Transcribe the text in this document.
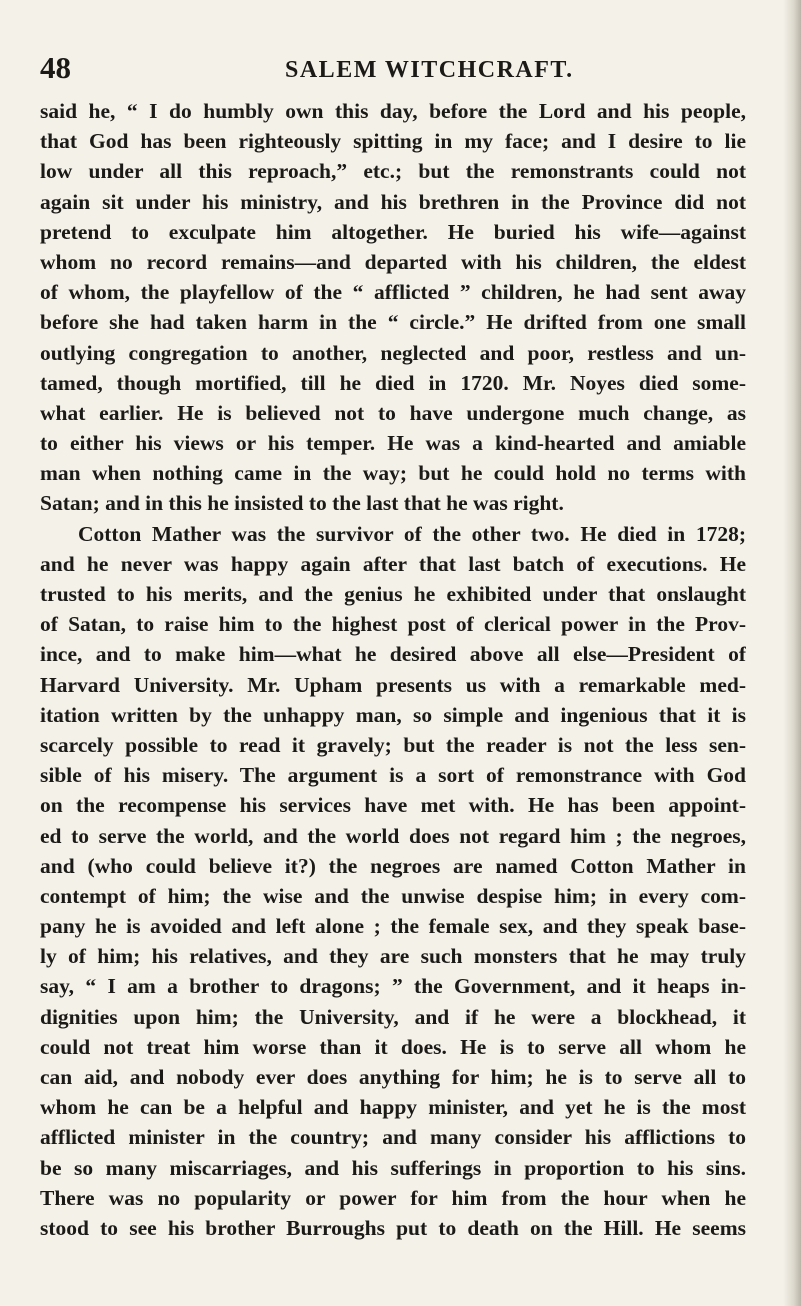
48	SALEM WITCHCRAFT.
said he, “ I do humbly own this day, before the Lord and his people,
that God has been righteously spitting in my face; and I desire to lie
low under all this reproach,” etc.; but the remonstrants could not
again sit under his ministry, and his brethren in the Province did not
pretend to exculpate him altogether. He buried his wife—against
whom no record remains—and departed with his children, the eldest
of whom, the playfellow of the “ afflicted ” children, he had sent away
before she had taken harm in the “ circle.” He drifted from one small
outlying congregation to another, neglected and poor, restless and un-
tamed, though mortified, till he died in 1720. Mr. Noyes died some-
what earlier. He is believed not to have undergone much change, as
to either his views or his temper. He was a kind-hearted and amiable
man when nothing came in the way; but he could hold no terms with
Satan; and in this he insisted to the last that he was right.
Cotton Mather was the survivor of the other two. He died in 1728;
and he never was happy again after that last batch of executions. He
trusted to his merits, and the genius he exhibited under that onslaught
of Satan, to raise him to the highest post of clerical power in the Prov-
ince, and to make him—what he desired above all else—President of
Harvard University. Mr. Upham presents us with a remarkable med-
itation written by the unhappy man, so simple and ingenious that it is
scarcely possible to read it gravely; but the reader is not the less sen-
sible of his misery. The argument is a sort of remonstrance with God
on the recompense his services have met with. He has been appoint-
ed to serve the world, and the world does not regard him ; the negroes,
and (who could believe it?) the negroes are named Cotton Mather in
contempt of him; the wise and the unwise despise him; in every com-
pany he is avoided and left alone ; the female sex, and they speak base-
ly of him; his relatives, and they are such monsters that he may truly
say, “ I am a brother to dragons; ” the Government, and it heaps in-
dignities upon him; the University, and if he were a blockhead, it
could not treat him worse than it does. He is to serve all whom he
can aid, and nobody ever does anything for him; he is to serve all to
whom he can be a helpful and happy minister, and yet he is the most
afflicted minister in the country; and many consider his afflictions to
be so many miscarriages, and his sufferings in proportion to his sins.
There was no popularity or power for him from the hour when he
stood to see his brother Burroughs put to death on the Hill. He seems
